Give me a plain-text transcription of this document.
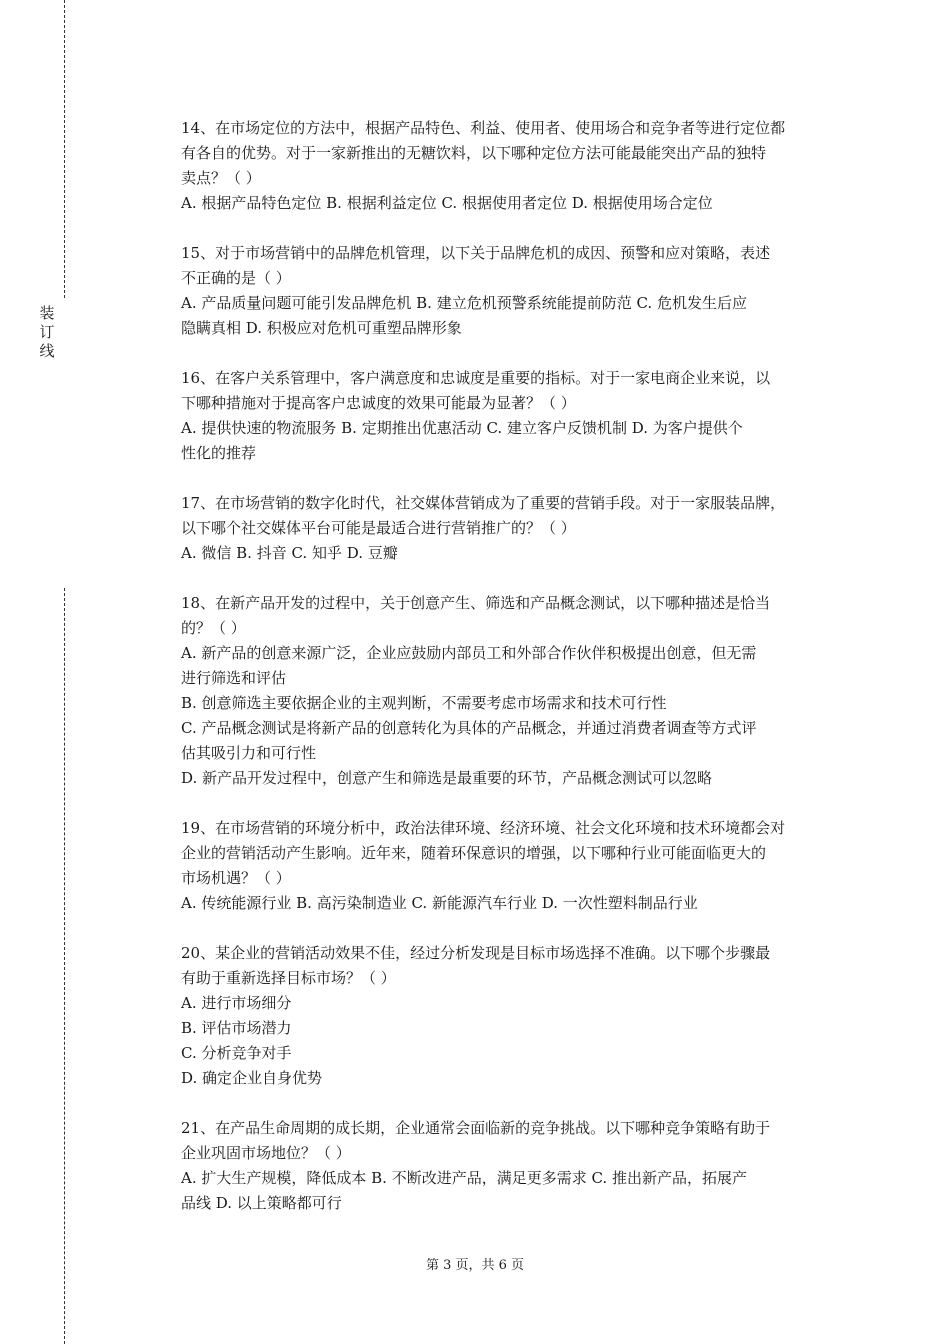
装
订
线

14、在市场定位的方法中，根据产品特色、利益、使用者、使用场合和竞争者等进行定位都

有各自的优势。对于一家新推出的无糖饮料，以下哪种定位方法可能最能突出产品的独特

卖点？（ ）

A. 根据产品特色定位 B. 根据利益定位 C. 根据使用者定位 D. 根据使用场合定位

15、对于市场营销中的品牌危机管理，以下关于品牌危机的成因、预警和应对策略，表述

不正确的是（ ）

A. 产品质量问题可能引发品牌危机 B. 建立危机预警系统能提前防范 C. 危机发生后应

隐瞒真相 D. 积极应对危机可重塑品牌形象

16、在客户关系管理中，客户满意度和忠诚度是重要的指标。对于一家电商企业来说，以

下哪种措施对于提高客户忠诚度的效果可能最为显著？（ ）

A. 提供快速的物流服务 B. 定期推出优惠活动 C. 建立客户反馈机制 D. 为客户提供个

性化的推荐

17、在市场营销的数字化时代，社交媒体营销成为了重要的营销手段。对于一家服装品牌，

以下哪个社交媒体平台可能是最适合进行营销推广的？（ ）

A. 微信 B. 抖音 C. 知乎 D. 豆瓣

18、在新产品开发的过程中，关于创意产生、筛选和产品概念测试，以下哪种描述是恰当

的？（ ）

A. 新产品的创意来源广泛，企业应鼓励内部员工和外部合作伙伴积极提出创意，但无需

进行筛选和评估

B. 创意筛选主要依据企业的主观判断，不需要考虑市场需求和技术可行性

C. 产品概念测试是将新产品的创意转化为具体的产品概念，并通过消费者调查等方式评

估其吸引力和可行性

D. 新产品开发过程中，创意产生和筛选是最重要的环节，产品概念测试可以忽略

19、在市场营销的环境分析中，政治法律环境、经济环境、社会文化环境和技术环境都会对

企业的营销活动产生影响。近年来，随着环保意识的增强，以下哪种行业可能面临更大的

市场机遇？（ ）

A. 传统能源行业 B. 高污染制造业 C. 新能源汽车行业 D. 一次性塑料制品行业

20、某企业的营销活动效果不佳，经过分析发现是目标市场选择不准确。以下哪个步骤最

有助于重新选择目标市场？（ ）

A. 进行市场细分

B. 评估市场潜力

C. 分析竞争对手

D. 确定企业自身优势

21、在产品生命周期的成长期，企业通常会面临新的竞争挑战。以下哪种竞争策略有助于

企业巩固市场地位？（ ）

A. 扩大生产规模，降低成本 B. 不断改进产品，满足更多需求 C. 推出新产品，拓展产

品线 D. 以上策略都可行

第 3 页，共 6 页
